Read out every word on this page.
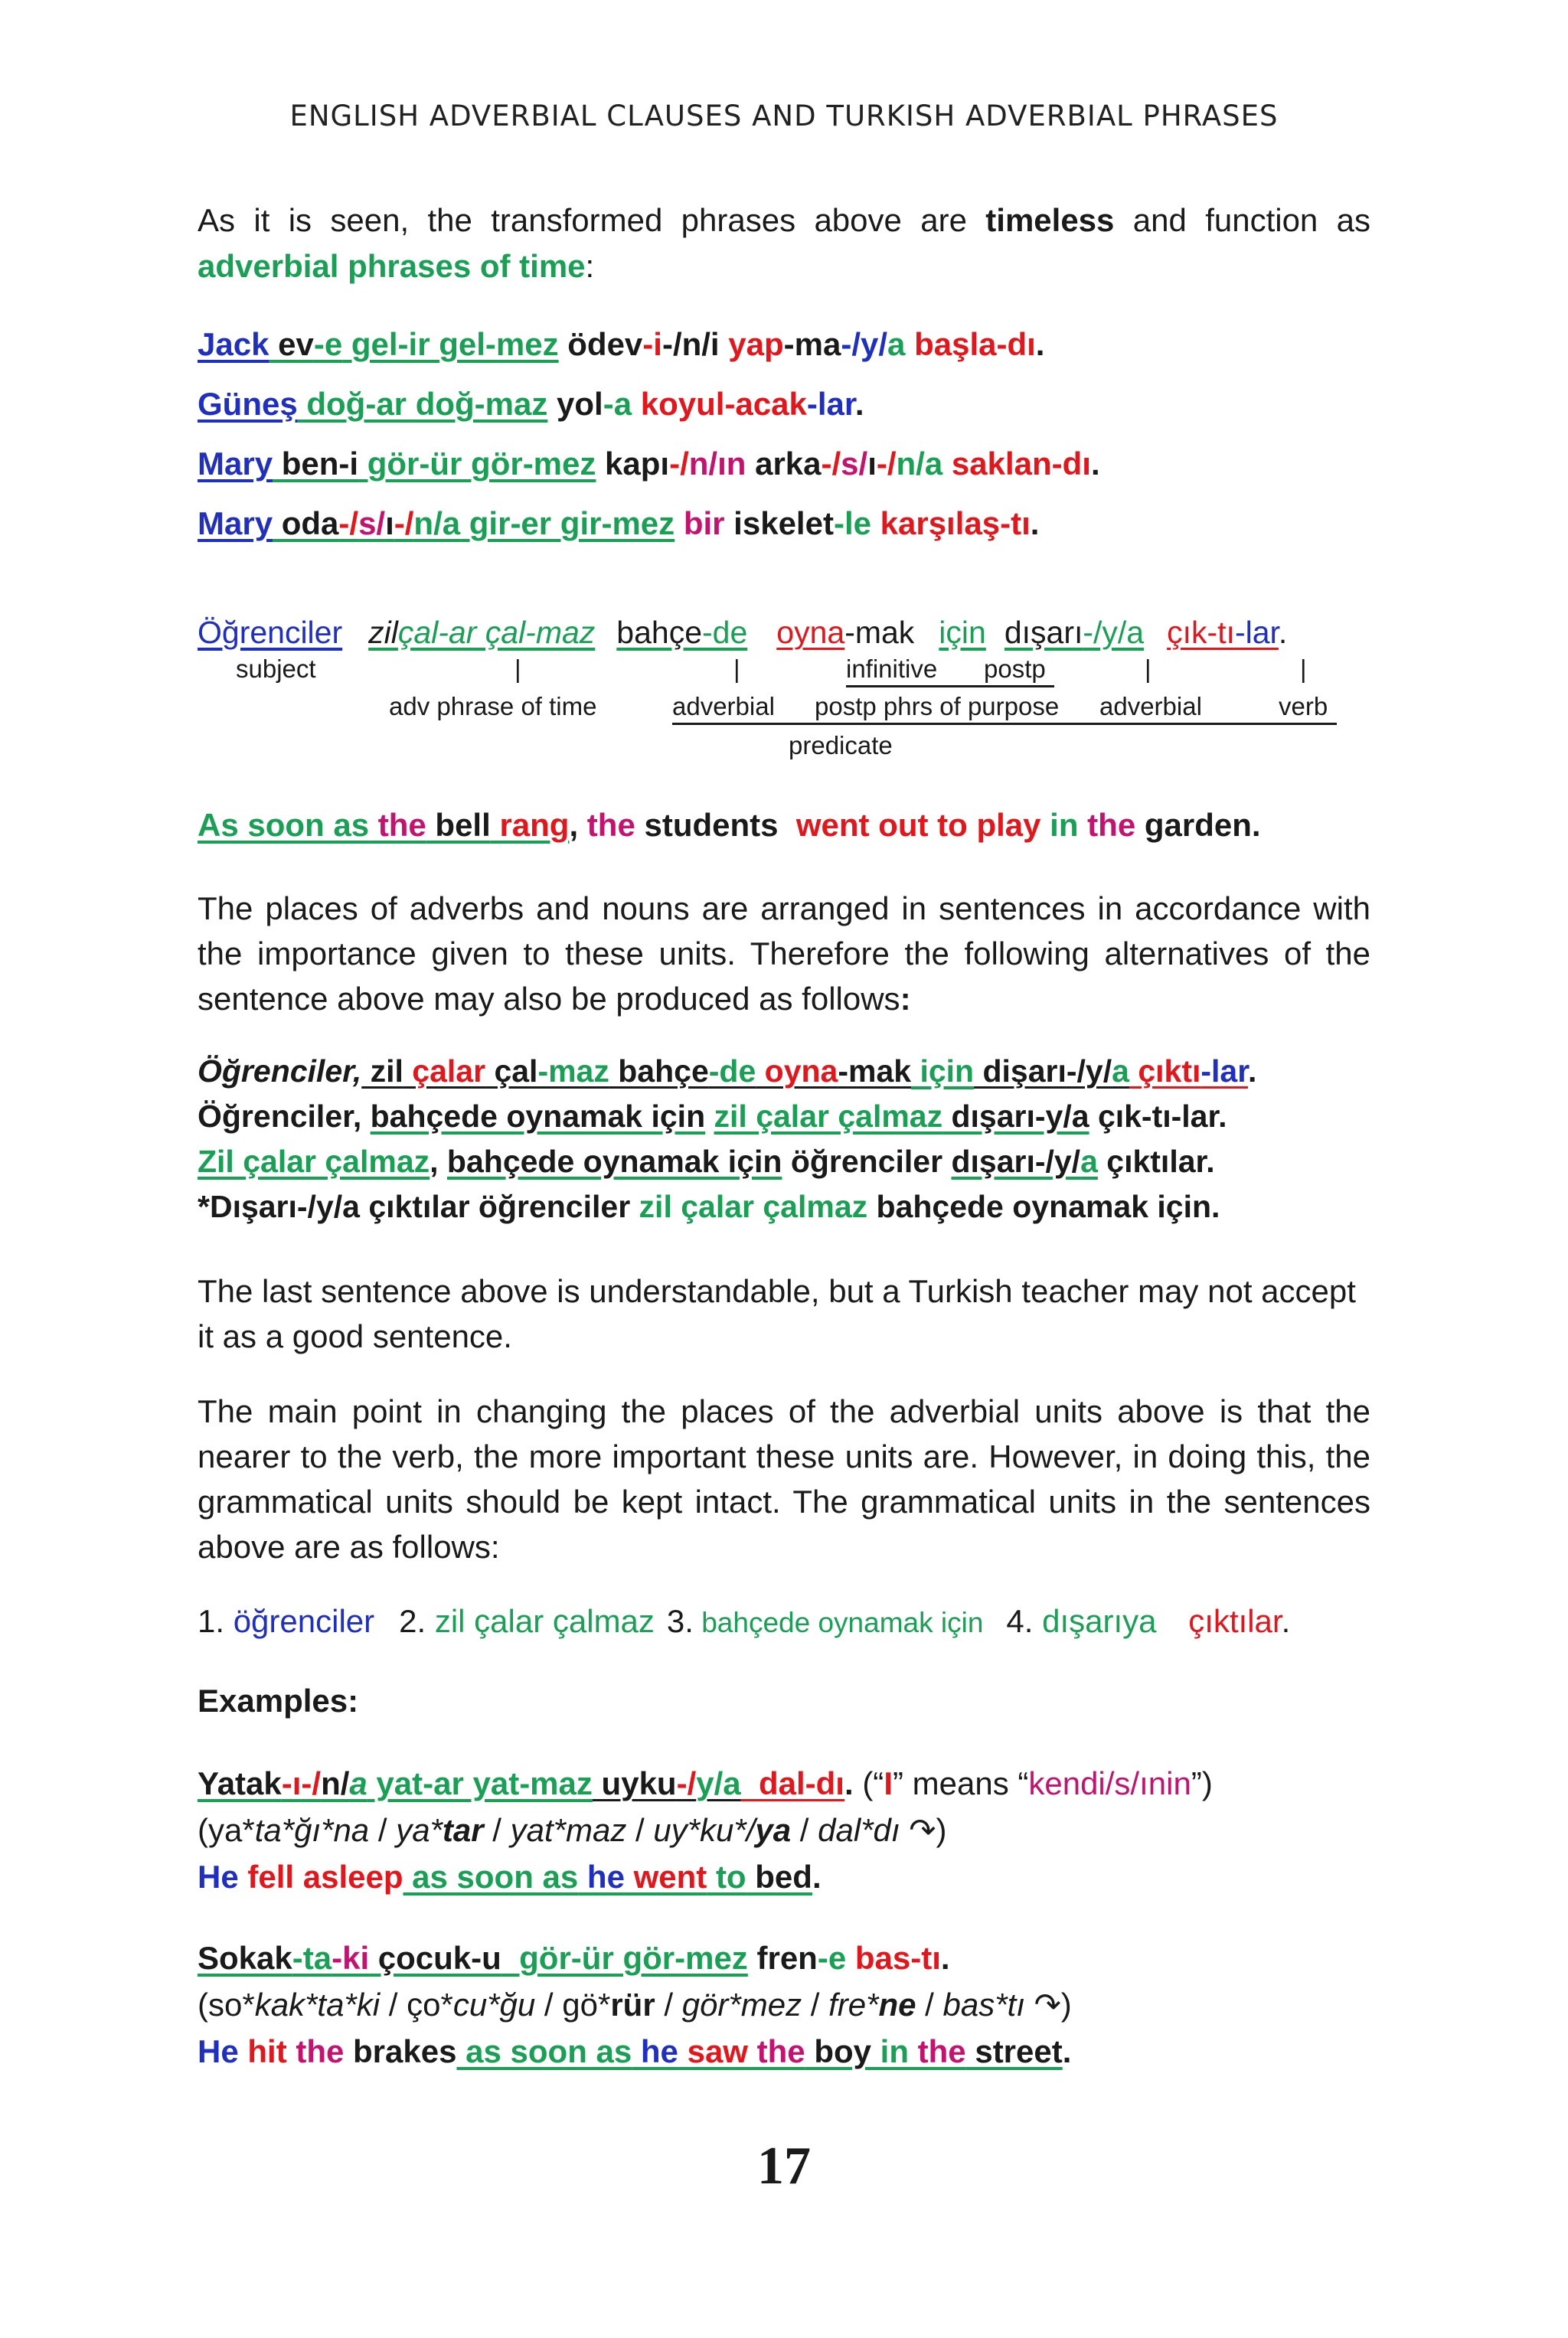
ENGLISH ADVERBIAL CLAUSES AND TURKISH ADVERBIAL PHRASES
As it is seen, the transformed phrases above are timeless and function as
adverbial phrases of time:
Jack ev-e gel-ir gel-mez ödev-i-/n/i yap-ma-/y/a başla-dı.
Güneş doğ-ar doğ-maz yol-a koyul-acak-lar.
Mary ben-i gör-ür gör-mez kapı-/n/ın arka-/s/ı-/n/a saklan-dı.
Mary oda-/s/ı-/n/a gir-er gir-mez bir iskelet-le karşılaş-tı.
Öğrenciler zilçal-ar çal-maz bahçe-de oyna-mak için dışarı-/y/a çık-tı-lar.
subject	|	|	infinitive postp	|	|
adv phrase of time	adverbial postp phrs of purpose adverbial	verb
predicate
As soon as the bell rang, the students  went out to play in the garden.
The places of adverbs and nouns are arranged in sentences in accordance with the importance given to these units. Therefore the following alternatives of the sentence above may also be produced as follows:
Öğrenciler, zil çalar çal-maz bahçe-de oyna-mak için dişarı-/y/a çıktı-lar.
Öğrenciler, bahçede oynamak için zil çalar çalmaz dışarı-y/a çık-tı-lar.
Zil çalar çalmaz, bahçede oynamak için öğrenciler dışarı-/y/a çıktılar.
*Dışarı-/y/a çıktılar öğrenciler zil çalar çalmaz bahçede oynamak için.
The last sentence above is understandable, but a Turkish teacher may not accept it as a good sentence.
The main point in changing the places of the adverbial units above is that the nearer to the verb, the more important these units are. However, in doing this, the grammatical units should be kept intact. The grammatical units in the sentences above are as follows:
1. öğrenciler 2. zil çalar çalmaz 3. bahçede oynamak için 4. dışarıya çıktılar.
Examples:
Yatak-ı-/n/a yat-ar yat-maz uyku-/y/a  dal-dı. (“I” means “kendi/s/ınin”)
(ya*ta*ğı*na / ya*tar / yat*maz / uy*ku*/ya / dal*dı ↷)
He fell asleep as soon as he went to bed.
Sokak-ta-ki çocuk-u  gör-ür gör-mez fren-e bas-tı.
(so*kak*ta*ki / ço*cu*ğu / gö*rür / gör*mez / fre*ne / bas*tı ↷)
He hit the brakes as soon as he saw the boy in the street.
17
